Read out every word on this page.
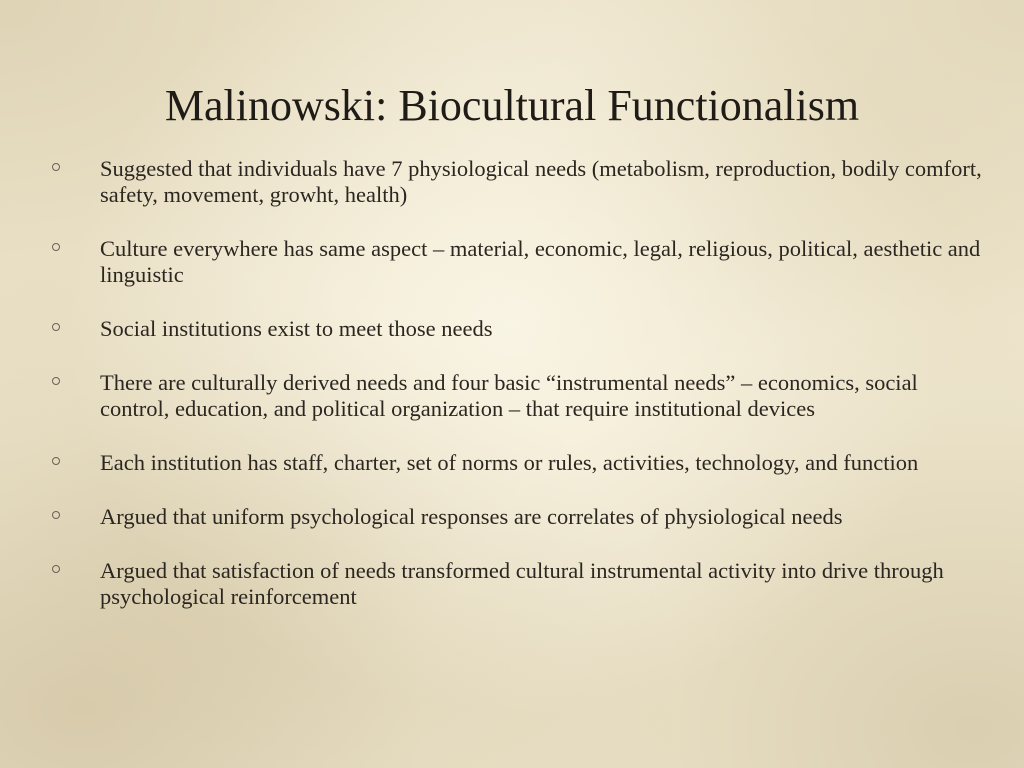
Malinowski: Biocultural Functionalism
Suggested that individuals have 7 physiological needs (metabolism, reproduction, bodily comfort, safety, movement, growht, health)
Culture everywhere has same aspect – material, economic, legal, religious, political, aesthetic and linguistic
Social institutions exist to meet those needs
There are culturally derived needs and four basic “instrumental needs” – economics, social control, education, and political organization – that require institutional devices
Each institution has staff, charter, set of norms or rules, activities, technology, and function
Argued that uniform psychological responses are correlates of physiological needs
Argued that satisfaction of needs transformed cultural instrumental activity into drive through psychological reinforcement
